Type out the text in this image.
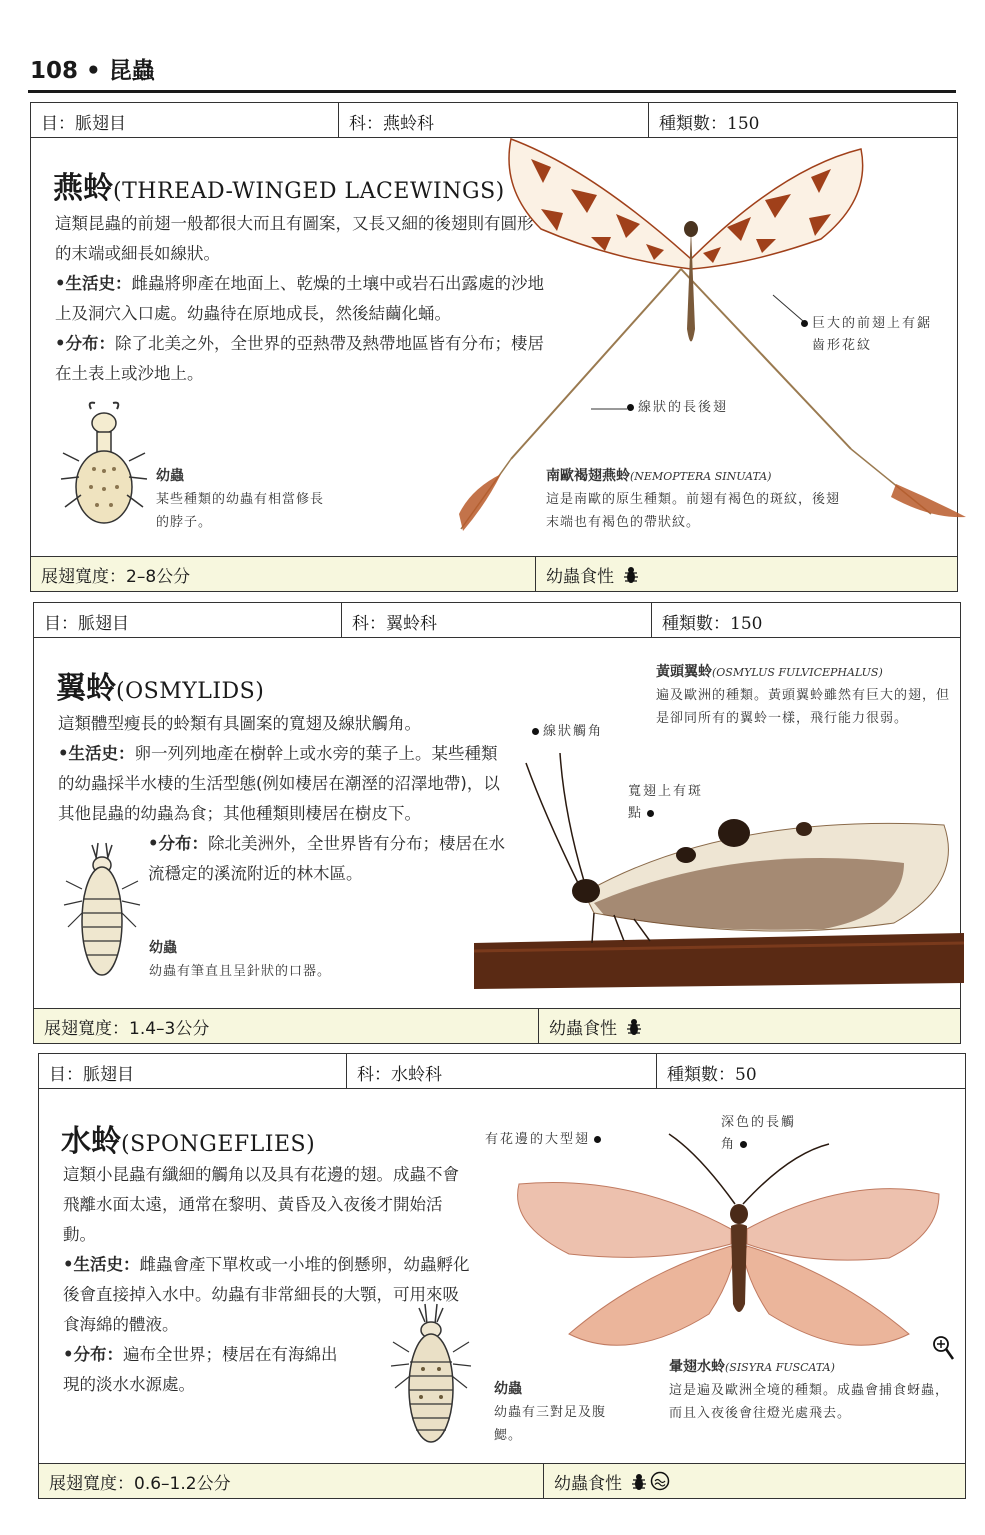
108 • 昆蟲
目：脈翅目	科：燕蛉科	種類數：150
燕蛉(THREAD-WINGED LACEWINGS)

這類昆蟲的前翅一般都很大而且有圖案，又長又細的後翅則有圓形的末端或細長如線狀。

•生活史：雌蟲將卵產在地面上、乾燥的土壤中或岩石出露處的沙地上及洞穴入口處。幼蟲待在原地成長，然後結繭化蛹。

•分布：除了北美之外，全世界的亞熱帶及熱帶地區皆有分布；棲居在土表上或沙地上。

幼蟲
某些種類的幼蟲有相當修長的脖子。
巨大的前翅上有鋸齒形花紋
線狀的長後翅
南歐褐翅燕蛉(NEMOPTERA SINUATA)
這是南歐的原生種類。前翅有褐色的斑紋，後翅末端也有褐色的帶狀紋。
展翅寬度：2–8公分	幼蟲食性
目：脈翅目	科：翼蛉科	種類數：150
翼蛉(OSMYLIDS)

這類體型瘦長的蛉類有具圖案的寬翅及線狀觸角。

•生活史：卵一列列地產在樹幹上或水旁的葉子上。某些種類的幼蟲採半水棲的生活型態(例如棲居在潮溼的沼澤地帶)，以其他昆蟲的幼蟲為食；其他種類則棲居在樹皮下。

•分布：除北美洲外，全世界皆有分布；棲居在水流穩定的溪流附近的林木區。

幼蟲
幼蟲有筆直且呈針狀的口器。
線狀觸角
寬翅上有斑點
黃頭翼蛉(OSMYLUS FULVICEPHALUS)
遍及歐洲的種類。黃頭翼蛉雖然有巨大的翅，但是卻同所有的翼蛉一樣，飛行能力很弱。
展翅寬度：1.4–3公分	幼蟲食性
目：脈翅目	科：水蛉科	種類數：50
水蛉(SPONGEFLIES)

這類小昆蟲有纖細的觸角以及具有花邊的翅。成蟲不會飛離水面太遠，通常在黎明、黃昏及入夜後才開始活動。

•生活史：雌蟲會產下單枚或一小堆的倒懸卵，幼蟲孵化後會直接掉入水中。幼蟲有非常細長的大顎，可用來吸食海綿的體液。

•分布：遍布全世界；棲居在有海綿出現的淡水水源處。	幼蟲
幼蟲有三對足及腹鰓。
有花邊的大型翅
深色的長觸角
暈翅水蛉(SISYRA FUSCATA)
這是遍及歐洲全境的種類。成蟲會捕食蚜蟲，而且入夜後會往燈光處飛去。
展翅寬度：0.6–1.2公分	幼蟲食性
